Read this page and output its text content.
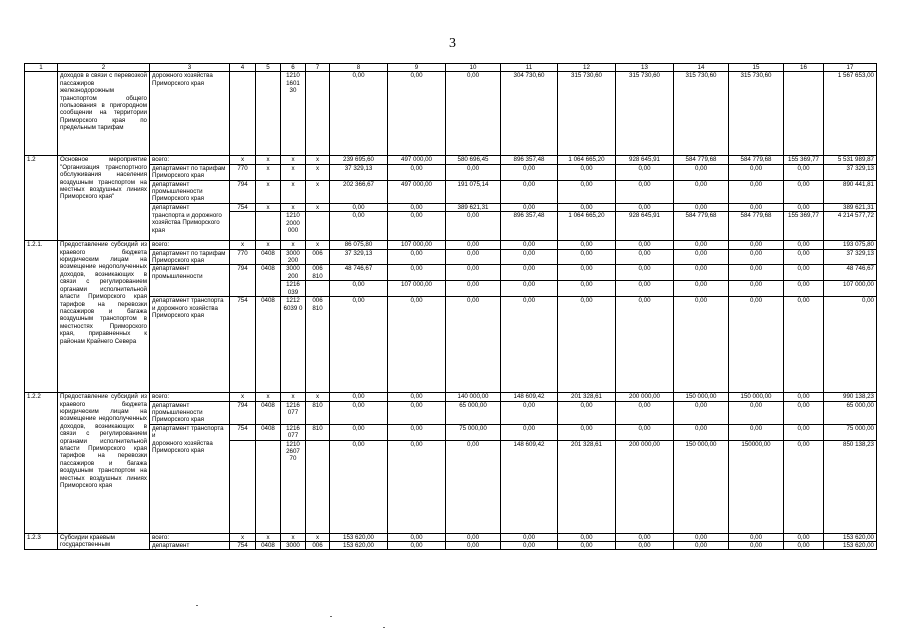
3
1	2	3	4	5	6	7	8	9	10	11	12	13	14	15	16	17
	доходов в связи с перевозкой пассажиров железнодорожным транспортом общего пользования в пригородном сообщении на территории Приморского края по предельным тарифам	дорожного хозяйства Приморского края			1210 1601 30		0,00	0,00	0,00	304 730,60	315 730,60	315 730,60	315 730,60	315 730,60		1 567 653,00
1.2	Основное мероприятие "Организация транспортного обслуживания населения воздушным транспортом на местных воздушных линиях Приморского края"	всего:	x	x	x	x	239 695,60	497 000,00	580 696,45	896 357,48	1 064 665,20	928 645,91	584 779,68	584 779,68	155 369,77	5 531 989,87
		департамент по тарифам Приморского края	770	x	x	x	37 329,13	0,00	0,00	0,00	0,00	0,00	0,00	0,00	0,00	37 329,13
		департамент промышленности Приморского края	794	x	x	x	202 366,67	497 000,00	191 075,14	0,00	0,00	0,00	0,00	0,00	0,00	890 441,81
		департамент	754	x	x	x	0,00	0,00	389 621,31	0,00	0,00	0,00	0,00	0,00	0,00	389 621,31
		транспорта и дорожного хозяйства Приморского края			1210 2000 000		0,00	0,00	0,00	896 357,48	1 064 665,20	928 645,91	584 779,68	584 779,68	155 369,77	4 214 577,72
1.2.1.	Предоставление субсидий из краевого бюджета юридическим лицам на возмещение недополученных доходов, возникающих в связи с регулированием органами исполнительной власти Приморского края тарифов на перевозки пассажиров и багажа воздушным транспортом в местностях Приморского края, приравненных к районам Крайнего Севера	всего:	x	x	x	x	86 075,80	107 000,00	0,00	0,00	0,00	0,00	0,00	0,00	0,00	193 075,80
		департамент по тарифам Приморского края	770	0408	3000 200	006	37 329,13	0,00	0,00	0,00	0,00	0,00	0,00	0,00	0,00	37 329,13
		департамент промышленности	794	0408	3000 200	006 810	48 746,67	0,00	0,00	0,00	0,00	0,00	0,00	0,00	0,00	48 746,67
					1216 039		0,00	107 000,00	0,00	0,00	0,00	0,00	0,00	0,00	0,00	107 000,00
		департамент транспорта и дорожного хозяйства Приморского края	754	0408	1212 6039 0	006 810	0,00	0,00	0,00	0,00	0,00	0,00	0,00	0,00	0,00	0,00
1.2.2	Предоставление субсидий из краевого бюджета юридическим лицам на возмещение недополученных доходов, возникающих в связи с регулированием органами исполнительной власти Приморского края тарифов на перевозки пассажиров и багажа воздушным транспортом на местных воздушных линиях Приморского края	всего:	x	x	x	x	0,00	0,00	140 000,00	148 609,42	201 328,61	200 000,00	150 000,00	150 000,00	0,00	990 138,23
		департамент промышленности Приморского края	794	0408	1216 077	810	0,00	0,00	65 000,00	0,00	0,00	0,00	0,00	0,00	0,00	65 000,00
		департамент транспорта и	754	0408	1216 077	810	0,00	0,00	75 000,00	0,00	0,00	0,00	0,00	0,00	0,00	75 000,00
		дорожного хозяйства Приморского края			1210 2607 70		0,00	0,00	0,00	148 609,42	201 328,61	200 000,00	150 000,00	150000,00	0,00	850 138,23
1.2.3	Субсидии краевым	всего:	x	x	x	x	153 620,00	0,00	0,00	0,00	0,00	0,00	0,00	0,00	0,00	153 620,00
	государственным	департамент	754	0408	3000	006	153 620,00	0,00	0,00	0,00	0,00	0,00	0,00	0,00	0,00	153 620,00
